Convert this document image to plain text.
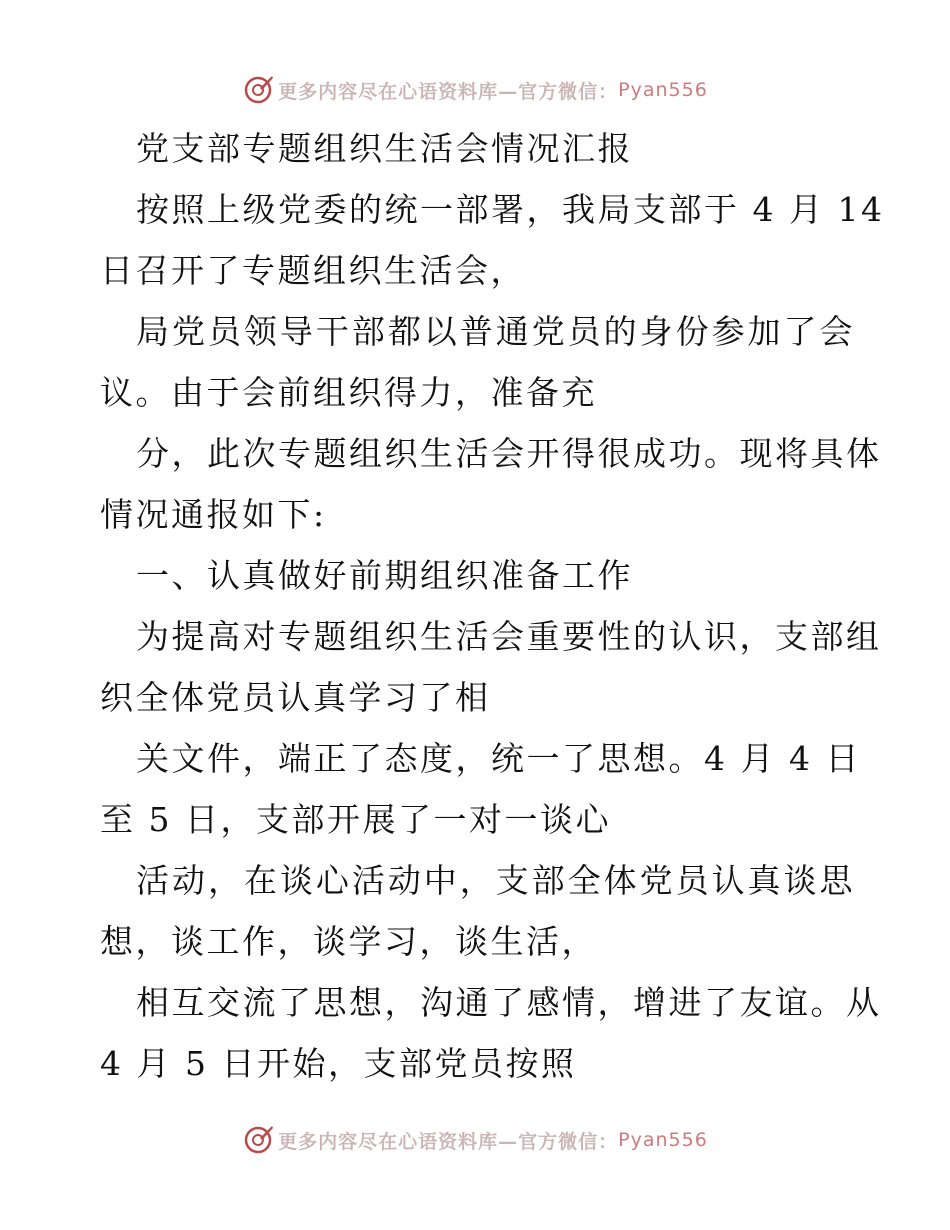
更多内容尽在心语资料库—官方微信： Pyan556
党支部专题组织生活会情况汇报
按照上级党委的统一部署，我局支部于 4 月 14
日召开了专题组织生活会，
局党员领导干部都以普通党员的身份参加了会
议。由于会前组织得力，准备充
分，此次专题组织生活会开得很成功。现将具体
情况通报如下:
一、认真做好前期组织准备工作
为提高对专题组织生活会重要性的认识，支部组
织全体党员认真学习了相
关文件，端正了态度，统一了思想。4 月 4 日
至 5 日，支部开展了一对一谈心
活动，在谈心活动中，支部全体党员认真谈思
想，谈工作，谈学习，谈生活，
相互交流了思想，沟通了感情，增进了友谊。从
4 月 5 日开始，支部党员按照
更多内容尽在心语资料库—官方微信： Pyan556
